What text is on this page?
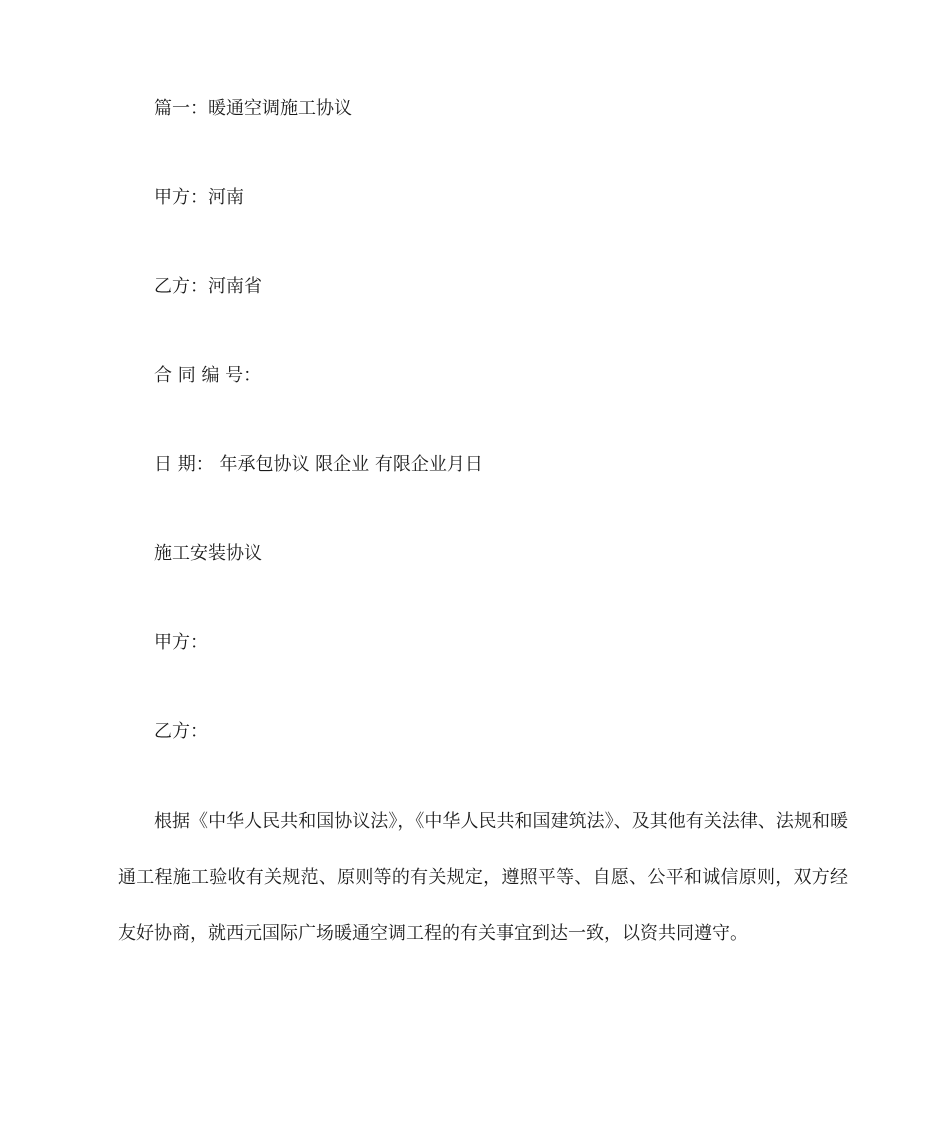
篇一：暖通空调施工协议
甲方：河南
乙方：河南省
合 同 编 号：
日 期： 年承包协议 限企业 有限企业月日
施工安装协议
甲方：
乙方：
根据《中华人民共和国协议法》，《中华人民共和国建筑法》、及其他有关法律、法规和暖通工程施工验收有关规范、原则等的有关规定，遵照平等、自愿、公平和诚信原则，双方经友好协商，就西元国际广场暖通空调工程的有关事宜到达一致，以资共同遵守。
